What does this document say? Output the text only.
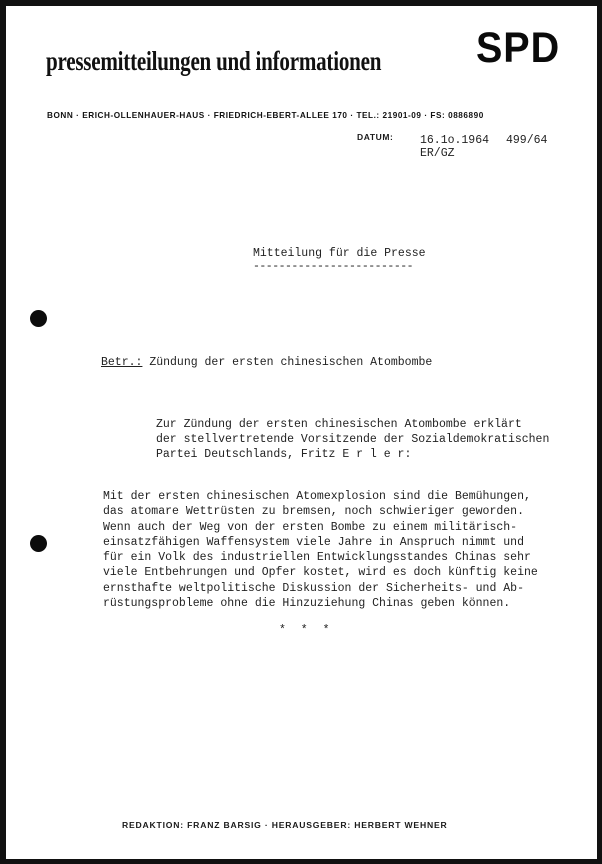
pressemitteilungen und informationen SPD
BONN · ERICH-OLLENHAUER-HAUS · FRIEDRICH-EBERT-ALLEE 170 · TEL.: 21901-09 · FS: 0886890
DATUM: 16.1o.1964 499/64
ER/GZ
Mitteilung für die Presse
-------------------------
Betr.: Zündung der ersten chinesischen Atombombe
Zur Zündung der ersten chinesischen Atombombe erklärt
der stellvertretende Vorsitzende der Sozialdemokratischen
Partei Deutschlands, Fritz E r l e r:
Mit der ersten chinesischen Atomexplosion sind die Bemühungen,
das atomare Wettrüsten zu bremsen, noch schwieriger geworden.
Wenn auch der Weg von der ersten Bombe zu einem militärisch-
einsatzfähigen Waffensystem viele Jahre in Anspruch nimmt und
für ein Volk des industriellen Entwicklungsstandes Chinas sehr
viele Entbehrungen und Opfer kostet, wird es doch künftig keine
ernsthafte weltpolitische Diskussion der Sicherheits- und Ab-
rüstungsprobleme ohne die Hinzuziehung Chinas geben können.
* * *
REDAKTION: FRANZ BARSIG · HERAUSGEBER: HERBERT WEHNER
